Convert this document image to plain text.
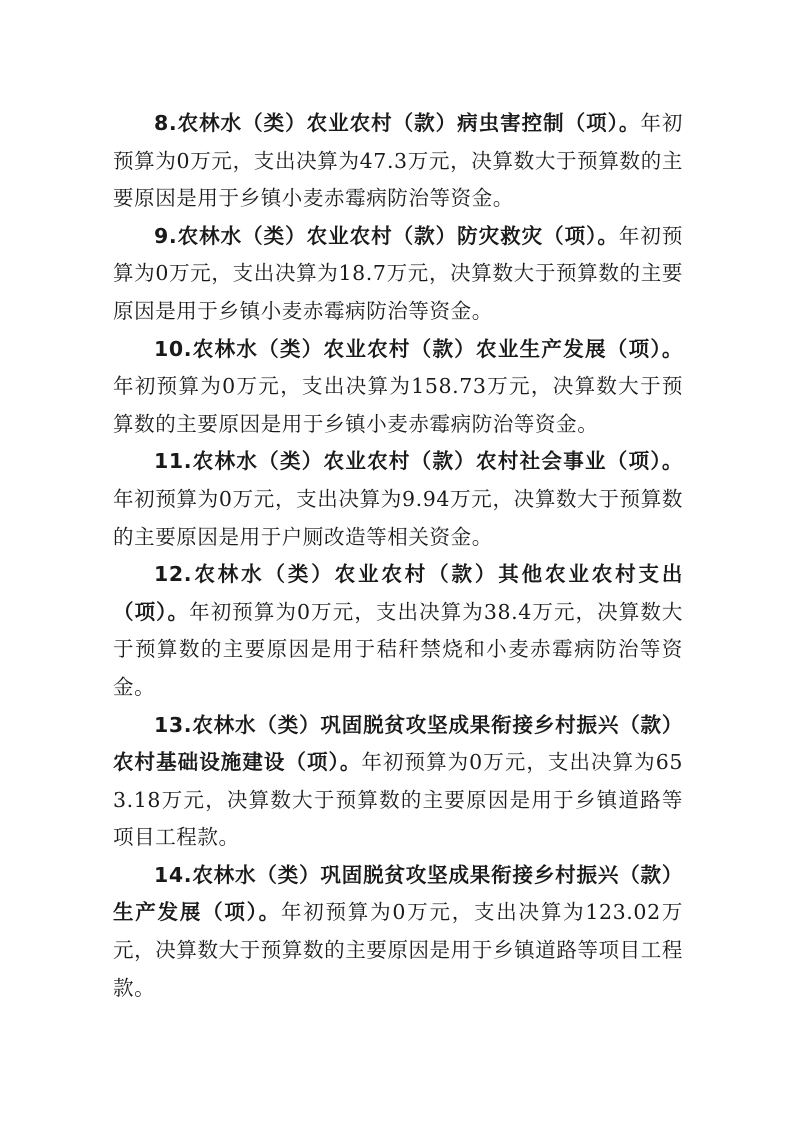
8.农林水（类）农业农村（款）病虫害控制（项）。年初预算为0万元，支出决算为47.3万元，决算数大于预算数的主要原因是用于乡镇小麦赤霉病防治等资金。

9.农林水（类）农业农村（款）防灾救灾（项）。年初预算为0万元，支出决算为18.7万元，决算数大于预算数的主要原因是用于乡镇小麦赤霉病防治等资金。

10.农林水（类）农业农村（款）农业生产发展（项）。年初预算为0万元，支出决算为158.73万元，决算数大于预算数的主要原因是用于乡镇小麦赤霉病防治等资金。

11.农林水（类）农业农村（款）农村社会事业（项）。年初预算为0万元，支出决算为9.94万元，决算数大于预算数的主要原因是用于户厕改造等相关资金。

12.农林水（类）农业农村（款）其他农业农村支出（项）。年初预算为0万元，支出决算为38.4万元，决算数大于预算数的主要原因是用于秸秆禁烧和小麦赤霉病防治等资金。

13.农林水（类）巩固脱贫攻坚成果衔接乡村振兴（款）农村基础设施建设（项）。年初预算为0万元，支出决算为653.18万元，决算数大于预算数的主要原因是用于乡镇道路等项目工程款。

14.农林水（类）巩固脱贫攻坚成果衔接乡村振兴（款）生产发展（项）。年初预算为0万元，支出决算为123.02万元，决算数大于预算数的主要原因是用于乡镇道路等项目工程款。
